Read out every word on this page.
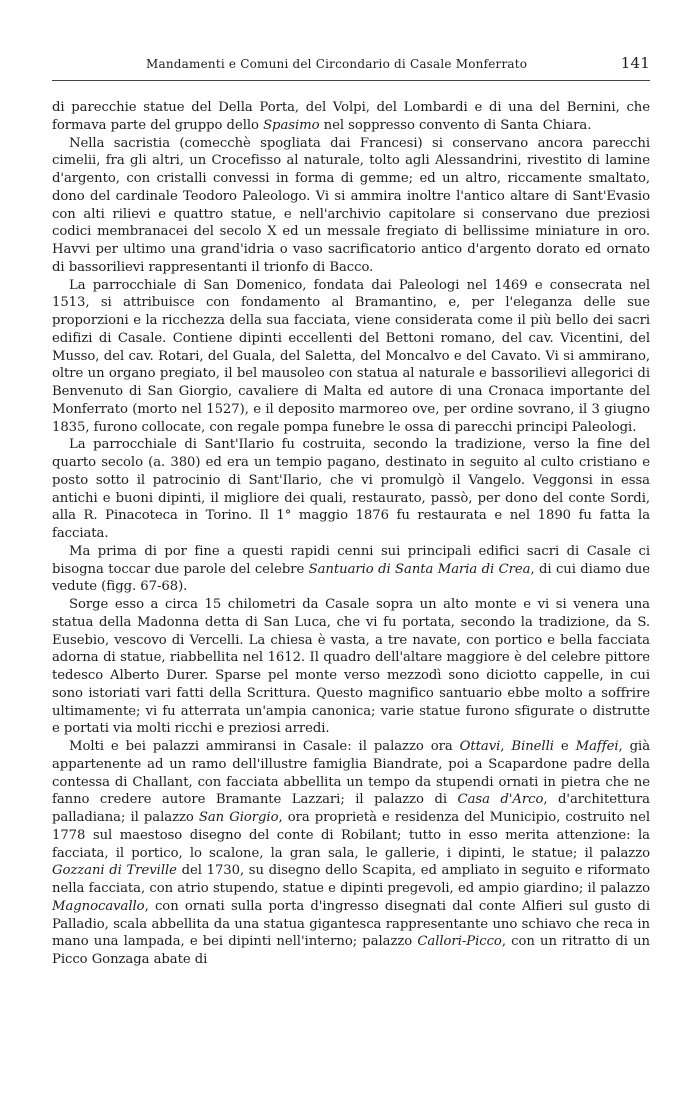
Mandamenti e Comuni del Circondario di Casale Monferrato	141

di parecchie statue del Della Porta, del Volpi, del Lombardi e di una del Bernini, che formava parte del gruppo dello Spasimo nel soppresso convento di Santa Chiara.

Nella sacristia (comecchè spogliata dai Francesi) si conservano ancora parecchi cimelii, fra gli altri, un Crocefisso al naturale, tolto agli Alessandrini, rivestito di lamine d'argento, con cristalli convessi in forma di gemme; ed un altro, riccamente smaltato, dono del cardinale Teodoro Paleologo. Vi si ammira inoltre l'antico altare di Sant'Evasio con alti rilievi e quattro statue, e nell'archivio capitolare si conservano due preziosi codici membranacei del secolo X ed un messale fregiato di bellissime miniature in oro. Havvi per ultimo una grand'idria o vaso sacrificatorio antico d'argento dorato ed ornato di bassorilievi rappresentanti il trionfo di Bacco.

La parrocchiale di San Domenico, fondata dai Paleologi nel 1469 e consecrata nel 1513, si attribuisce con fondamento al Bramantino, e, per l'eleganza delle sue proporzioni e la ricchezza della sua facciata, viene considerata come il più bello dei sacri edifizi di Casale. Contiene dipinti eccellenti del Bettoni romano, del cav. Vicentini, del Musso, del cav. Rotari, del Guala, del Saletta, del Moncalvo e del Cavato. Vi si ammirano, oltre un organo pregiato, il bel mausoleo con statua al naturale e bassorilievi allegorici di Benvenuto di San Giorgio, cavaliere di Malta ed autore di una Cronaca importante del Monferrato (morto nel 1527), e il deposito marmoreo ove, per ordine sovrano, il 3 giugno 1835, furono collocate, con regale pompa funebre le ossa di parecchi principi Paleologi.

La parrocchiale di Sant'Ilario fu costruita, secondo la tradizione, verso la fine del quarto secolo (a. 380) ed era un tempio pagano, destinato in seguito al culto cristiano e posto sotto il patrocinio di Sant'Ilario, che vi promulgò il Vangelo. Veggonsi in essa antichi e buoni dipinti, il migliore dei quali, restaurato, passò, per dono del conte Sordi, alla R. Pinacoteca in Torino. Il 1° maggio 1876 fu restaurata e nel 1890 fu fatta la facciata.

Ma prima di por fine a questi rapidi cenni sui principali edifici sacri di Casale ci bisogna toccar due parole del celebre Santuario di Santa Maria di Crea, di cui diamo due vedute (figg. 67-68).

Sorge esso a circa 15 chilometri da Casale sopra un alto monte e vi si venera una statua della Madonna detta di San Luca, che vi fu portata, secondo la tradizione, da S. Eusebio, vescovo di Vercelli. La chiesa è vasta, a tre navate, con portico e bella facciata adorna di statue, riabbellita nel 1612. Il quadro dell'altare maggiore è del celebre pittore tedesco Alberto Durer. Sparse pel monte verso mezzodì sono diciotto cappelle, in cui sono istoriati vari fatti della Scrittura. Questo magnifico santuario ebbe molto a soffrire ultimamente; vi fu atterrata un'ampia canonica; varie statue furono sfigurate o distrutte e portati via molti ricchi e preziosi arredi.

Molti e bei palazzi ammiransi in Casale: il palazzo ora Ottavi, Binelli e Maffei, già appartenente ad un ramo dell'illustre famiglia Biandrate, poi a Scapardone padre della contessa di Challant, con facciata abbellita un tempo da stupendi ornati in pietra che ne fanno credere autore Bramante Lazzari; il palazzo di Casa d'Arco, d'architettura palladiana; il palazzo San Giorgio, ora proprietà e residenza del Municipio, costruito nel 1778 sul maestoso disegno del conte di Robilant; tutto in esso merita attenzione: la facciata, il portico, lo scalone, la gran sala, le gallerie, i dipinti, le statue; il palazzo Gozzani di Treville del 1730, su disegno dello Scapita, ed ampliato in seguito e riformato nella facciata, con atrio stupendo, statue e dipinti pregevoli, ed ampio giardino; il palazzo Magnocavallo, con ornati sulla porta d'ingresso disegnati dal conte Alfieri sul gusto di Palladio, scala abbellita da una statua gigantesca rappresentante uno schiavo che reca in mano una lampada, e bei dipinti nell'interno; palazzo Callori-Picco, con un ritratto di un Picco Gonzaga abate di
